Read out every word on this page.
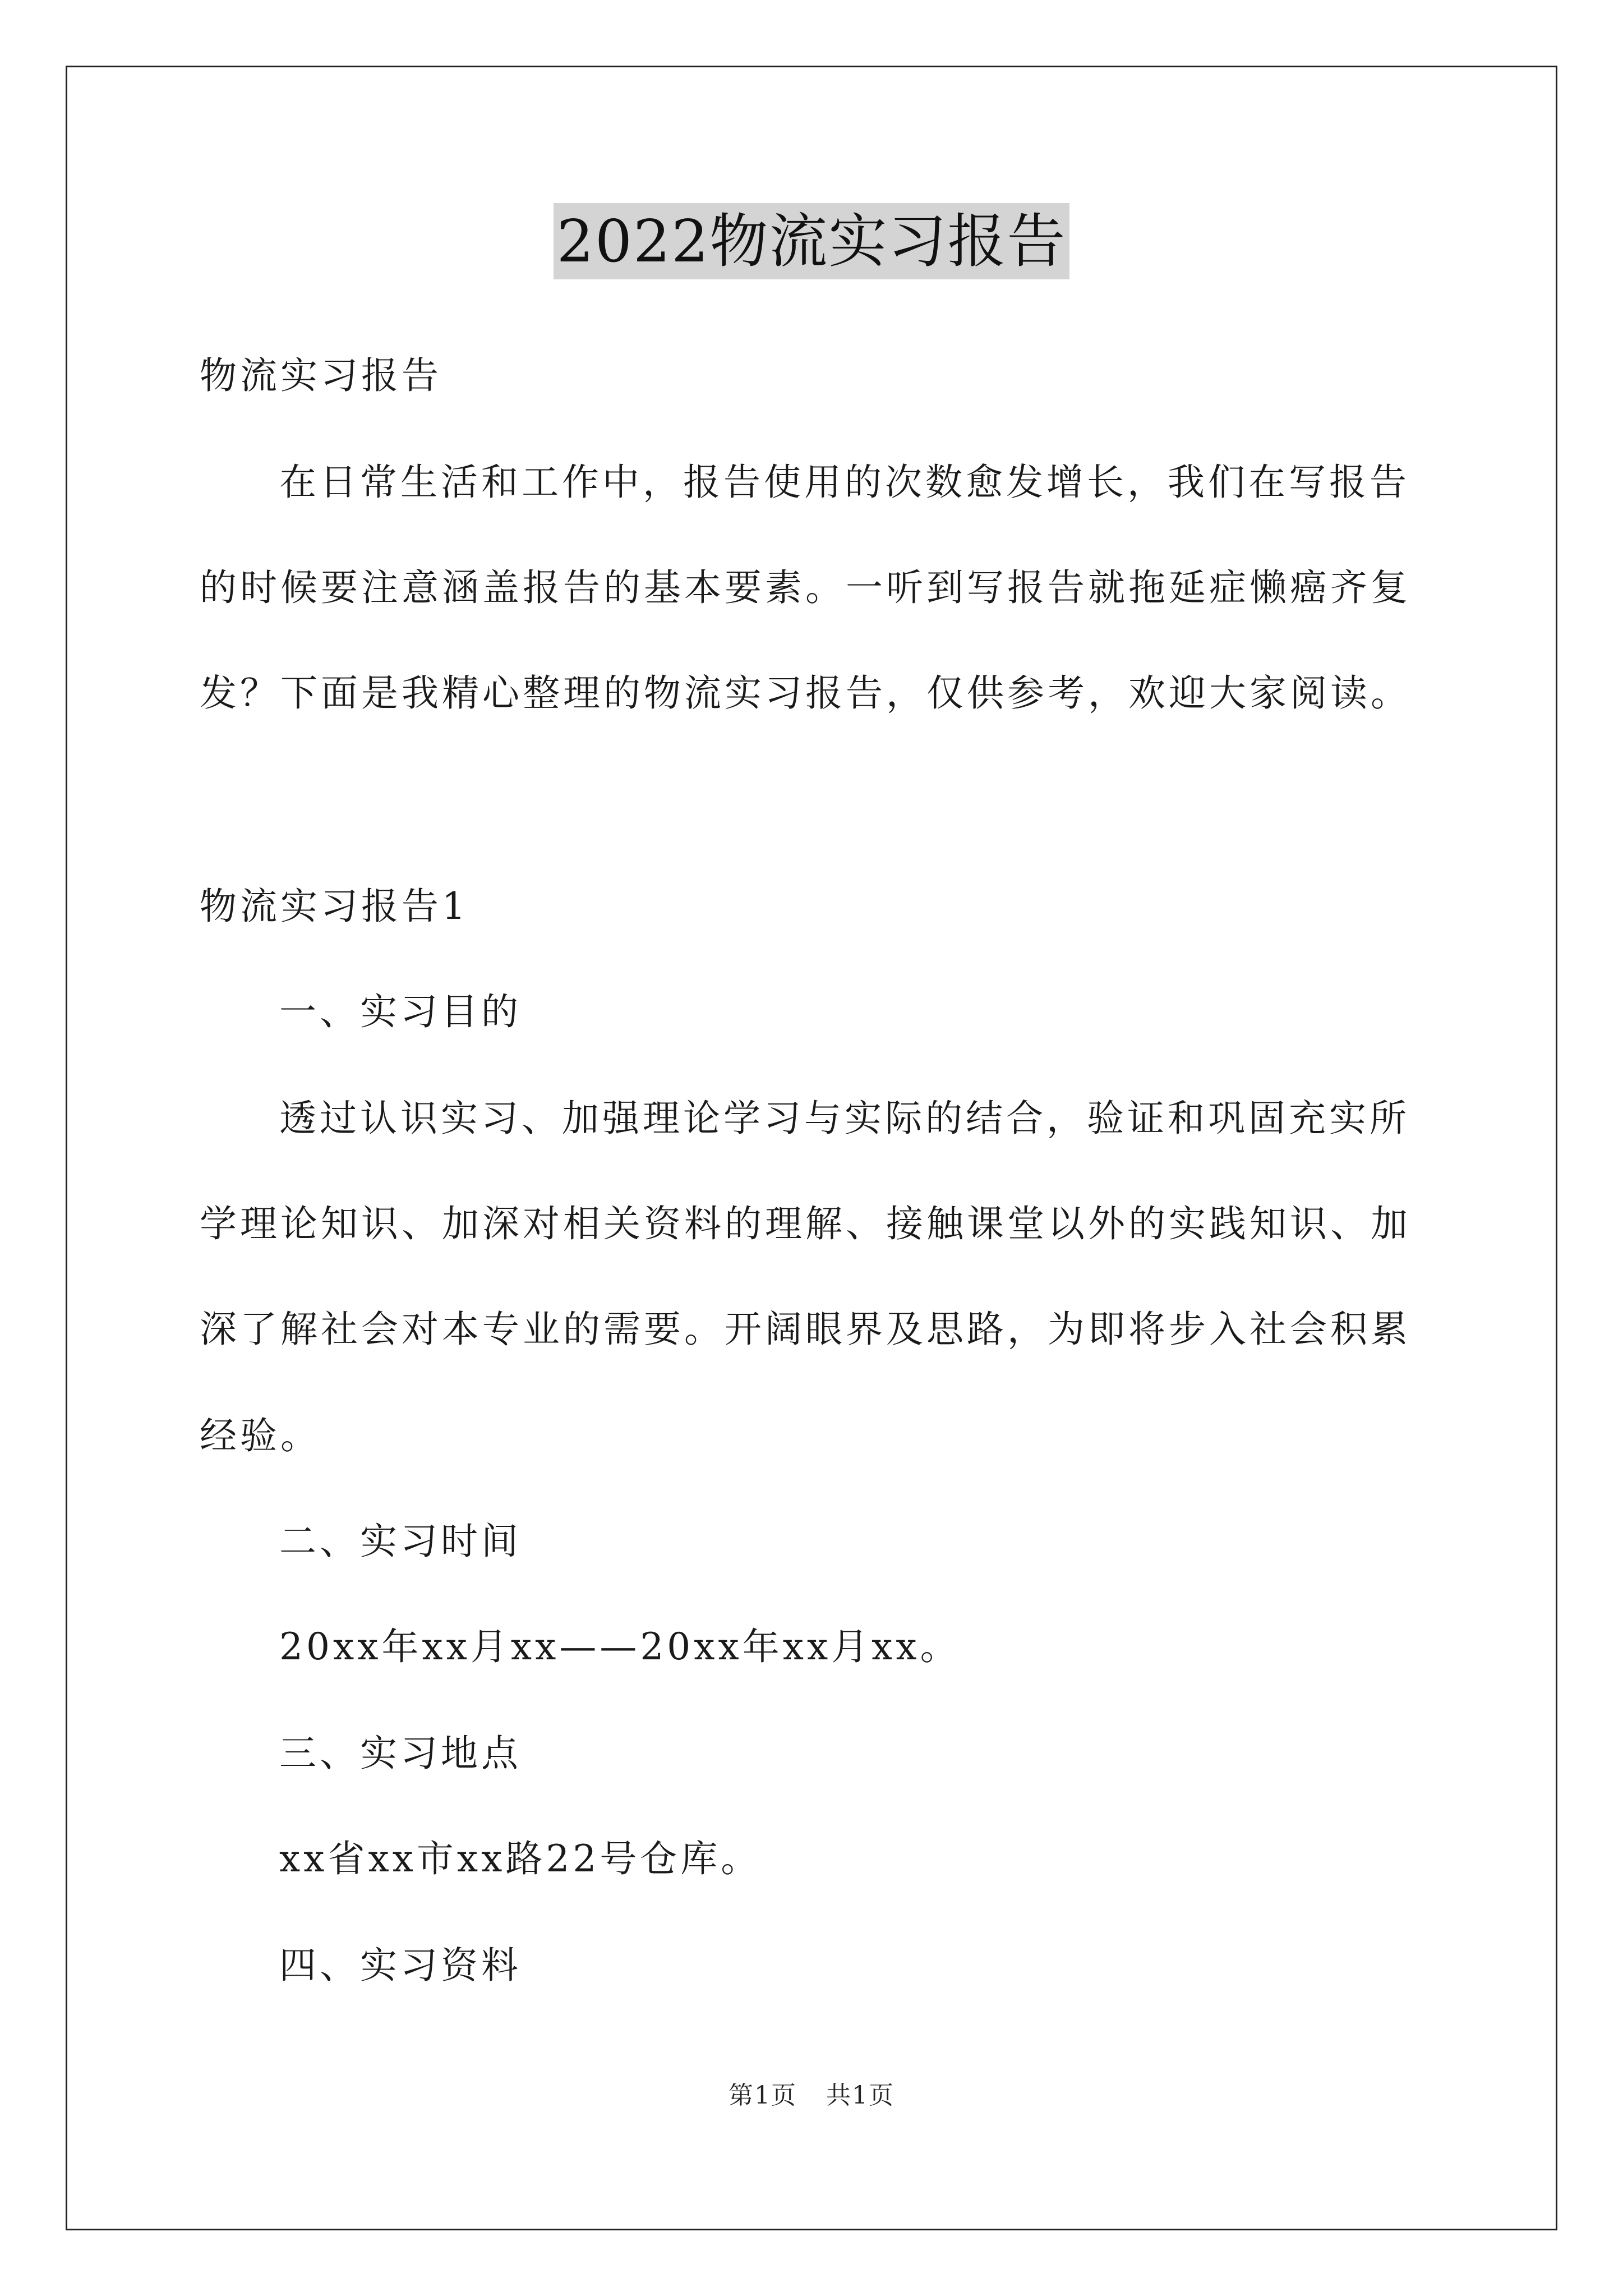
2022物流实习报告

物流实习报告

在日常生活和工作中，报告使用的次数愈发增长，我们在写报告

的时候要注意涵盖报告的基本要素。一听到写报告就拖延症懒癌齐复

发？下面是我精心整理的物流实习报告，仅供参考，欢迎大家阅读。

物流实习报告1

一、实习目的

透过认识实习、加强理论学习与实际的结合，验证和巩固充实所

学理论知识、加深对相关资料的理解、接触课堂以外的实践知识、加

深了解社会对本专业的需要。开阔眼界及思路，为即将步入社会积累

经验。

二、实习时间

20xx年xx月xx——20xx年xx月xx。

三、实习地点

xx省xx市xx路22号仓库。

四、实习资料

第1页 共1页
